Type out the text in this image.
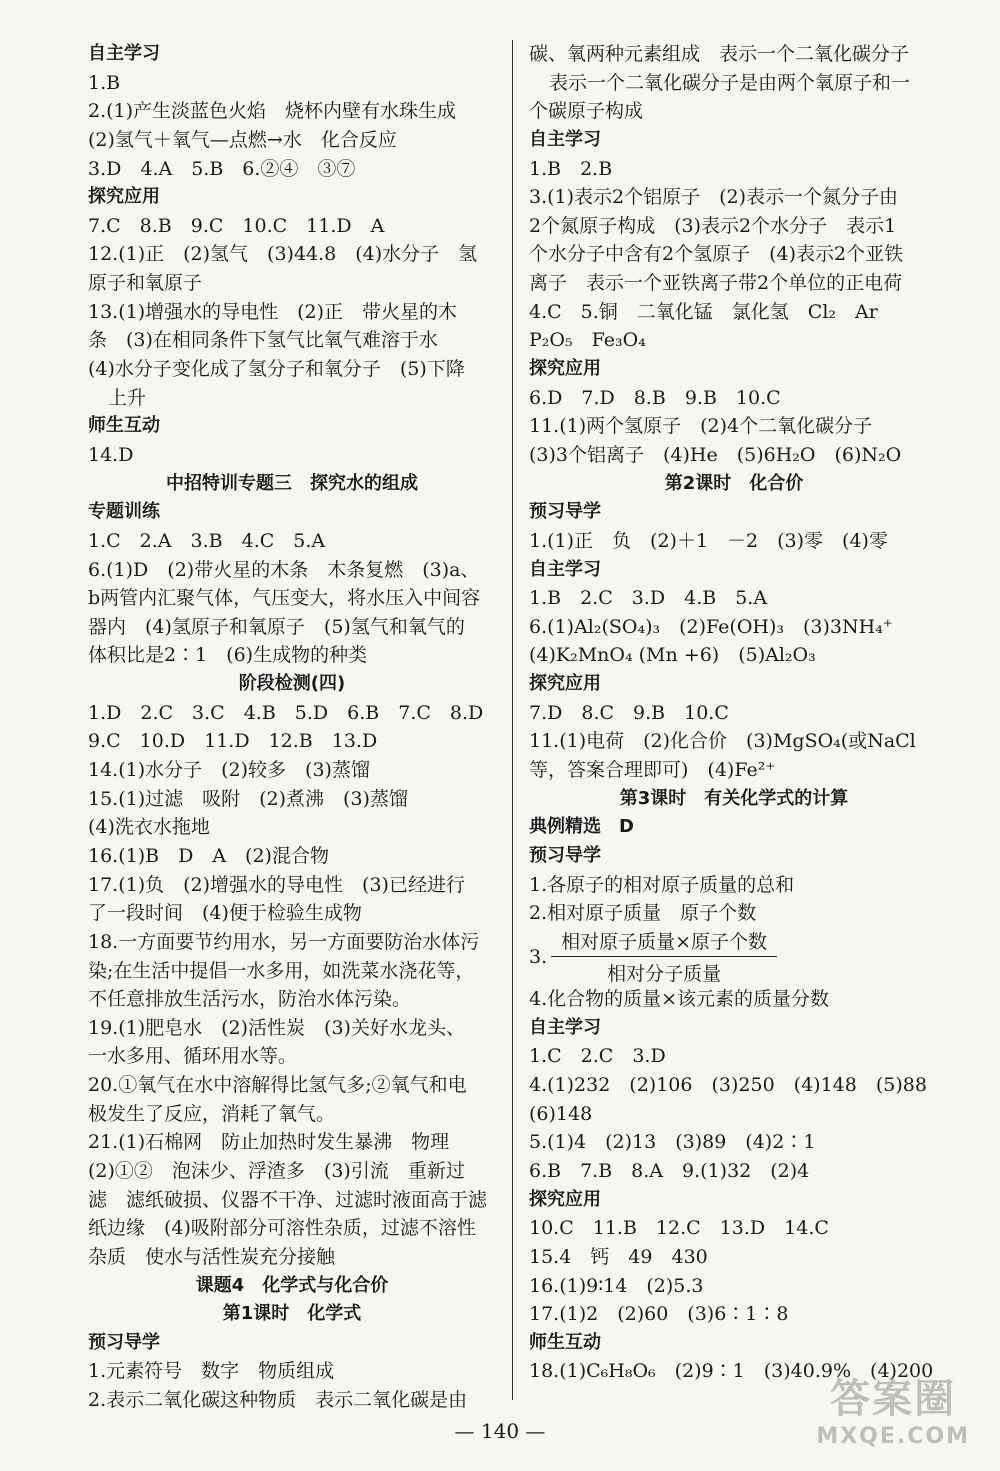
自主学习
1.B
2.(1)产生淡蓝色火焰　烧杯内壁有水珠生成
(2)氢气＋氧气—点燃→水　化合反应
3.D　4.A　5.B　6.②④　③⑦
探究应用
7.C　8.B　9.C　10.C　11.D　A
12.(1)正　(2)氢气　(3)44.8　(4)水分子　氢
原子和氧原子
13.(1)增强水的导电性　(2)正　带火星的木
条　(3)在相同条件下氢气比氧气难溶于水
(4)水分子变化成了氢分子和氧分子　(5)下降
上升
师生互动
14.D
中招特训专题三　探究水的组成
专题训练
1.C　2.A　3.B　4.C　5.A
6.(1)D　(2)带火星的木条　木条复燃　(3)a、
b两管内汇聚气体，气压变大，将水压入中间容
器内　(4)氢原子和氧原子　(5)氢气和氧气的
体积比是2∶1　(6)生成物的种类
阶段检测(四)
1.D　2.C　3.C　4.B　5.D　6.B　7.C　8.D
9.C　10.D　11.D　12.B　13.D
14.(1)水分子　(2)较多　(3)蒸馏
15.(1)过滤　吸附　(2)煮沸　(3)蒸馏
(4)洗衣水拖地
16.(1)B　D　A　(2)混合物
17.(1)负　(2)增强水的导电性　(3)已经进行
了一段时间　(4)便于检验生成物
18.一方面要节约用水，另一方面要防治水体污
染;在生活中提倡一水多用，如洗菜水浇花等，
不任意排放生活污水，防治水体污染。
19.(1)肥皂水　(2)活性炭　(3)关好水龙头、
一水多用、循环用水等。
20.①氧气在水中溶解得比氢气多;②氧气和电
极发生了反应，消耗了氧气。
21.(1)石棉网　防止加热时发生暴沸　物理
(2)①②　泡沫少、浮渣多　(3)引流　重新过
滤　滤纸破损、仪器不干净、过滤时液面高于滤
纸边缘　(4)吸附部分可溶性杂质，过滤不溶性
杂质　使水与活性炭充分接触
课题4　化学式与化合价
第1课时　化学式
预习导学
1.元素符号　数字　物质组成
2.表示二氧化碳这种物质　表示二氧化碳是由
碳、氧两种元素组成　表示一个二氧化碳分子
表示一个二氧化碳分子是由两个氧原子和一
个碳原子构成
自主学习
1.B　2.B
3.(1)表示2个铝原子　(2)表示一个氮分子由
2个氮原子构成　(3)表示2个水分子　表示1
个水分子中含有2个氢原子　(4)表示2个亚铁
离子　表示一个亚铁离子带2个单位的正电荷
4.C　5.铜　二氧化锰　氯化氢　Cl₂　Ar
P₂O₅　Fe₃O₄
探究应用
6.D　7.D　8.B　9.B　10.C
11.(1)两个氢原子　(2)4个二氧化碳分子
(3)3个铝离子　(4)He　(5)6H₂O　(6)N₂O
第2课时　化合价
预习导学
1.(1)正　负　(2)＋1　－2　(3)零　(4)零
自主学习
1.B　2.C　3.D　4.B　5.A
6.(1)Al₂(SO₄)₃　(2)Fe(OH)₃　(3)3NH₄⁺
(4)K₂MnO₄ (Mn +6)　(5)Al₂O₃
探究应用
7.D　8.C　9.B　10.C
11.(1)电荷　(2)化合价　(3)MgSO₄(或NaCl
等，答案合理即可)　(4)Fe²⁺
第3课时　有关化学式的计算
典例精选　D
预习导学
1.各原子的相对原子质量的总和
2.相对原子质量　原子个数
3. $\frac{\text{相对原子质量×原子个数}}{\text{相对分子质量}}$
4.化合物的质量×该元素的质量分数
自主学习
1.C　2.C　3.D
4.(1)232　(2)106　(3)250　(4)148　(5)88
(6)148
5.(1)4　(2)13　(3)89　(4)2∶1
6.B　7.B　8.A　9.(1)32　(2)4
探究应用
10.C　11.B　12.C　13.D　14.C
15.4　钙　49　430
16.(1)9∶14　(2)5.3
17.(1)2　(2)60　(3)6∶1∶8
师生互动
18.(1)C₆H₈O₆　(2)9∶1　(3)40.9%　(4)200
— 140 —
答案圈
MXQE.COM
